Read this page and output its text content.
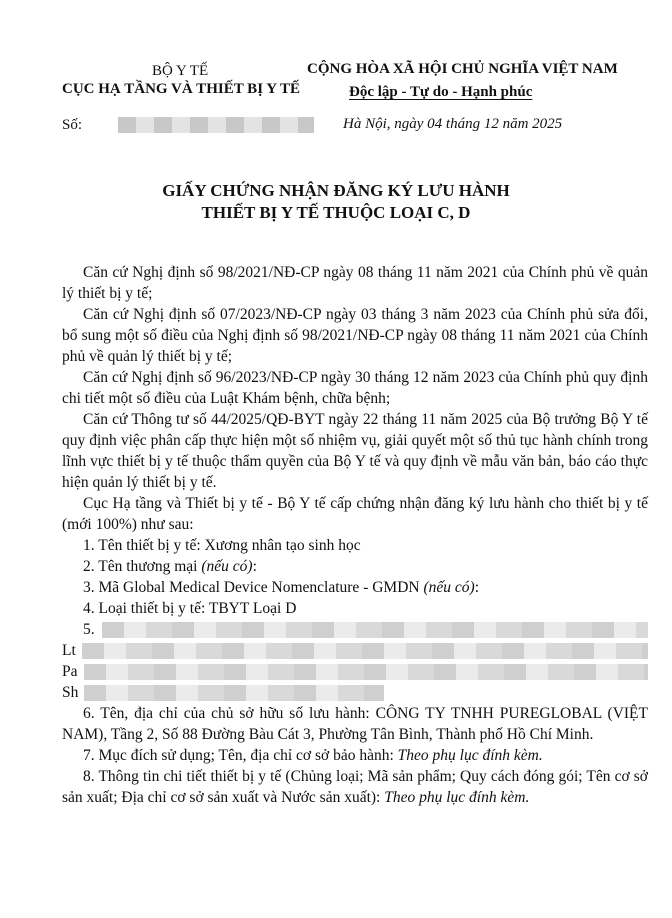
BỘ Y TẾ
CỤC HẠ TẦNG VÀ THIẾT BỊ Y TẾ
CỘNG HÒA XÃ HỘI CHỦ NGHĨA VIỆT NAM
Độc lập - Tự do - Hạnh phúc
Số:	Hà Nội, ngày 04 tháng 12 năm 2025
GIẤY CHỨNG NHẬN ĐĂNG KÝ LƯU HÀNH
THIẾT BỊ Y TẾ THUỘC LOẠI C, D

Căn cứ Nghị định số 98/2021/NĐ-CP ngày 08 tháng 11 năm 2021 của Chính phủ về quản lý thiết bị y tế;

Căn cứ Nghị định số 07/2023/NĐ-CP ngày 03 tháng 3 năm 2023 của Chính phủ sửa đổi, bổ sung một số điều của Nghị định số 98/2021/NĐ-CP ngày 08 tháng 11 năm 2021 của Chính phủ về quản lý thiết bị y tế;

Căn cứ Nghị định số 96/2023/NĐ-CP ngày 30 tháng 12 năm 2023 của Chính phủ quy định chi tiết một số điều của Luật Khám bệnh, chữa bệnh;

Căn cứ Thông tư số 44/2025/QĐ-BYT ngày 22 tháng 11 năm 2025 của Bộ trưởng Bộ Y tế quy định việc phân cấp thực hiện một số nhiệm vụ, giải quyết một số thủ tục hành chính trong lĩnh vực thiết bị y tế thuộc thẩm quyền của Bộ Y tế và quy định về mẫu văn bản, báo cáo thực hiện quản lý thiết bị y tế.

Cục Hạ tầng và Thiết bị y tế - Bộ Y tế cấp chứng nhận đăng ký lưu hành cho thiết bị y tế (mới 100%) như sau:

1. Tên thiết bị y tế: Xương nhân tạo sinh học

2. Tên thương mại (nếu có):

3. Mã Global Medical Device Nomenclature - GMDN (nếu có):

4. Loại thiết bị y tế: TBYT Loại D

5.
Lt
Pa
Sh

6. Tên, địa chỉ của chủ sở hữu số lưu hành: CÔNG TY TNHH PUREGLOBAL (VIỆT NAM), Tầng 2, Số 88 Đường Bàu Cát 3, Phường Tân Bình, Thành phố Hồ Chí Minh.

7. Mục đích sử dụng; Tên, địa chỉ cơ sở bảo hành: Theo phụ lục đính kèm.

8. Thông tin chi tiết thiết bị y tế (Chủng loại; Mã sản phẩm; Quy cách đóng gói; Tên cơ sở sản xuất; Địa chỉ cơ sở sản xuất và Nước sản xuất): Theo phụ lục đính kèm.
